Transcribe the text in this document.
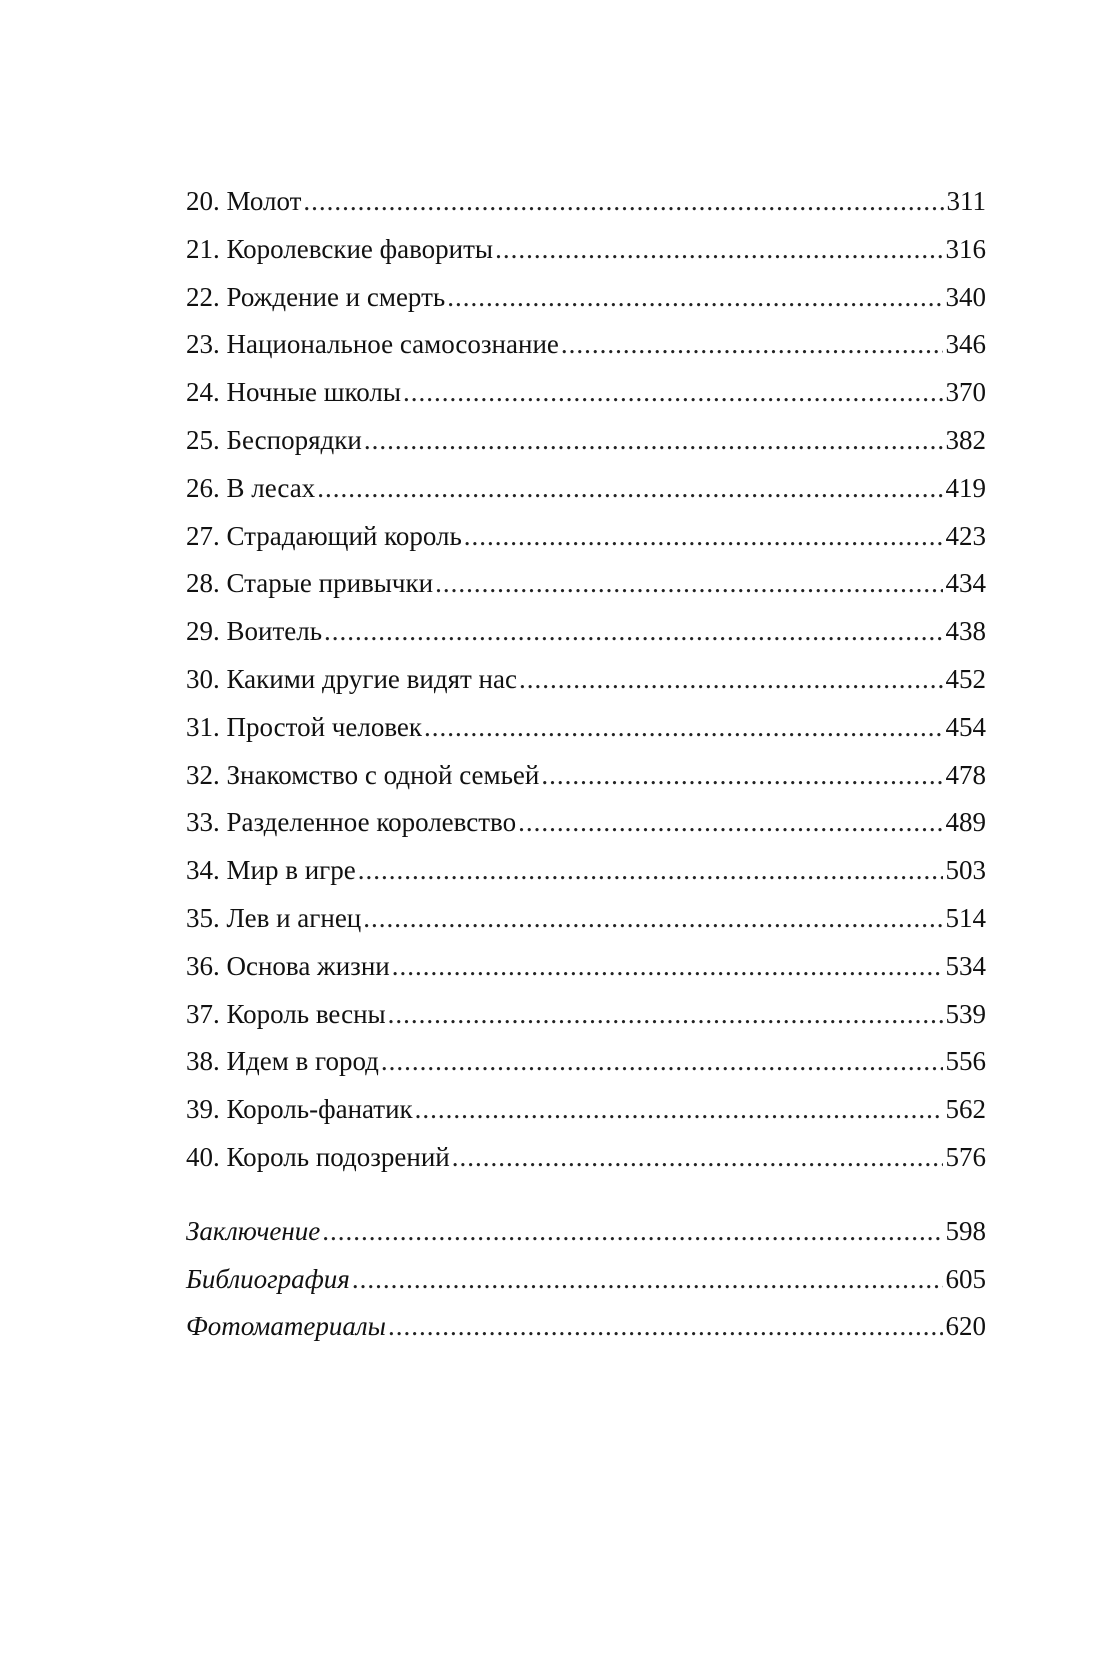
20. Молот .....	311
21. Королевские фавориты .....	316
22. Рождение и смерть .....	340
23. Национальное самосознание .....	346
24. Ночные школы .....	370
25. Беспорядки .....	382
26. В лесах .....	419
27. Страдающий король .....	423
28. Старые привычки .....	434
29. Воитель .....	438
30. Какими другие видят нас .....	452
31. Простой человек .....	454
32. Знакомство с одной семьей .....	478
33. Разделенное королевство .....	489
34. Мир в игре .....	503
35. Лев и агнец .....	514
36. Основа жизни .....	534
37. Король весны .....	539
38. Идем в город .....	556
39. Король-фанатик .....	562
40. Король подозрений .....	576
Заключение .....	598
Библиография .....	605
Фотоматериалы .....	620
